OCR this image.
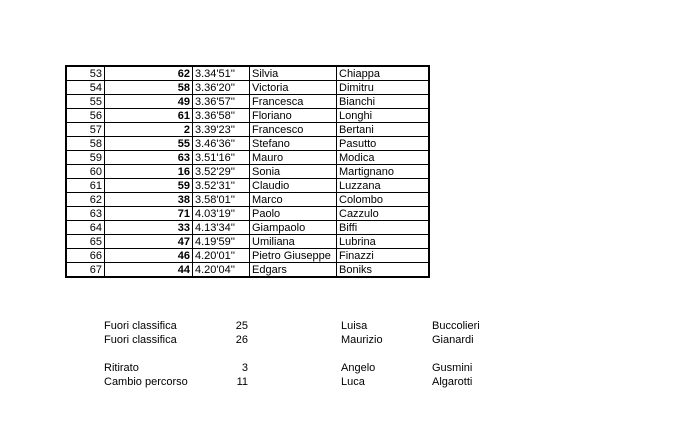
53	62	3.34'51''	Silvia	Chiappa
54	58	3.36'20''	Victoria	Dimitru
55	49	3.36'57''	Francesca	Bianchi
56	61	3.36'58''	Floriano	Longhi
57	2	3.39'23''	Francesco	Bertani
58	55	3.46'36''	Stefano	Pasutto
59	63	3.51'16''	Mauro	Modica
60	16	3.52'29''	Sonia	Martignano
61	59	3.52'31''	Claudio	Luzzana
62	38	3.58'01''	Marco	Colombo
63	71	4.03'19''	Paolo	Cazzulo
64	33	4.13'34''	Giampaolo	Biffi
65	47	4.19'59''	Umiliana	Lubrina
66	46	4.20'01''	Pietro Giuseppe	Finazzi
67	44	4.20'04''	Edgars	Boniks
Fuori classifica	25	Luisa	Buccolieri
Fuori classifica	26	Maurizio	Gianardi
Ritirato	3	Angelo	Gusmini
Cambio percorso	11	Luca	Algarotti
